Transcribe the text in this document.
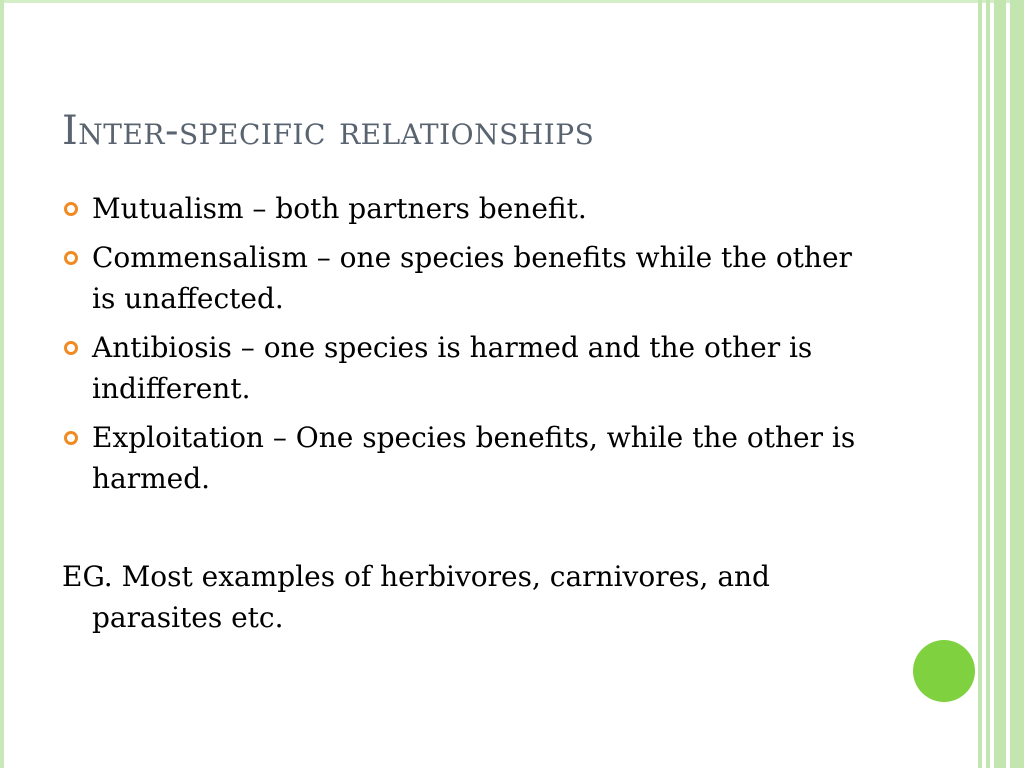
Inter-specific relationships
Mutualism – both partners benefit.
Commensalism – one species benefits while the other is unaffected.
Antibiosis – one species is harmed and the other is indifferent.
Exploitation – One species benefits, while the other is harmed.

EG. Most examples of herbivores, carnivores, and parasites etc.
